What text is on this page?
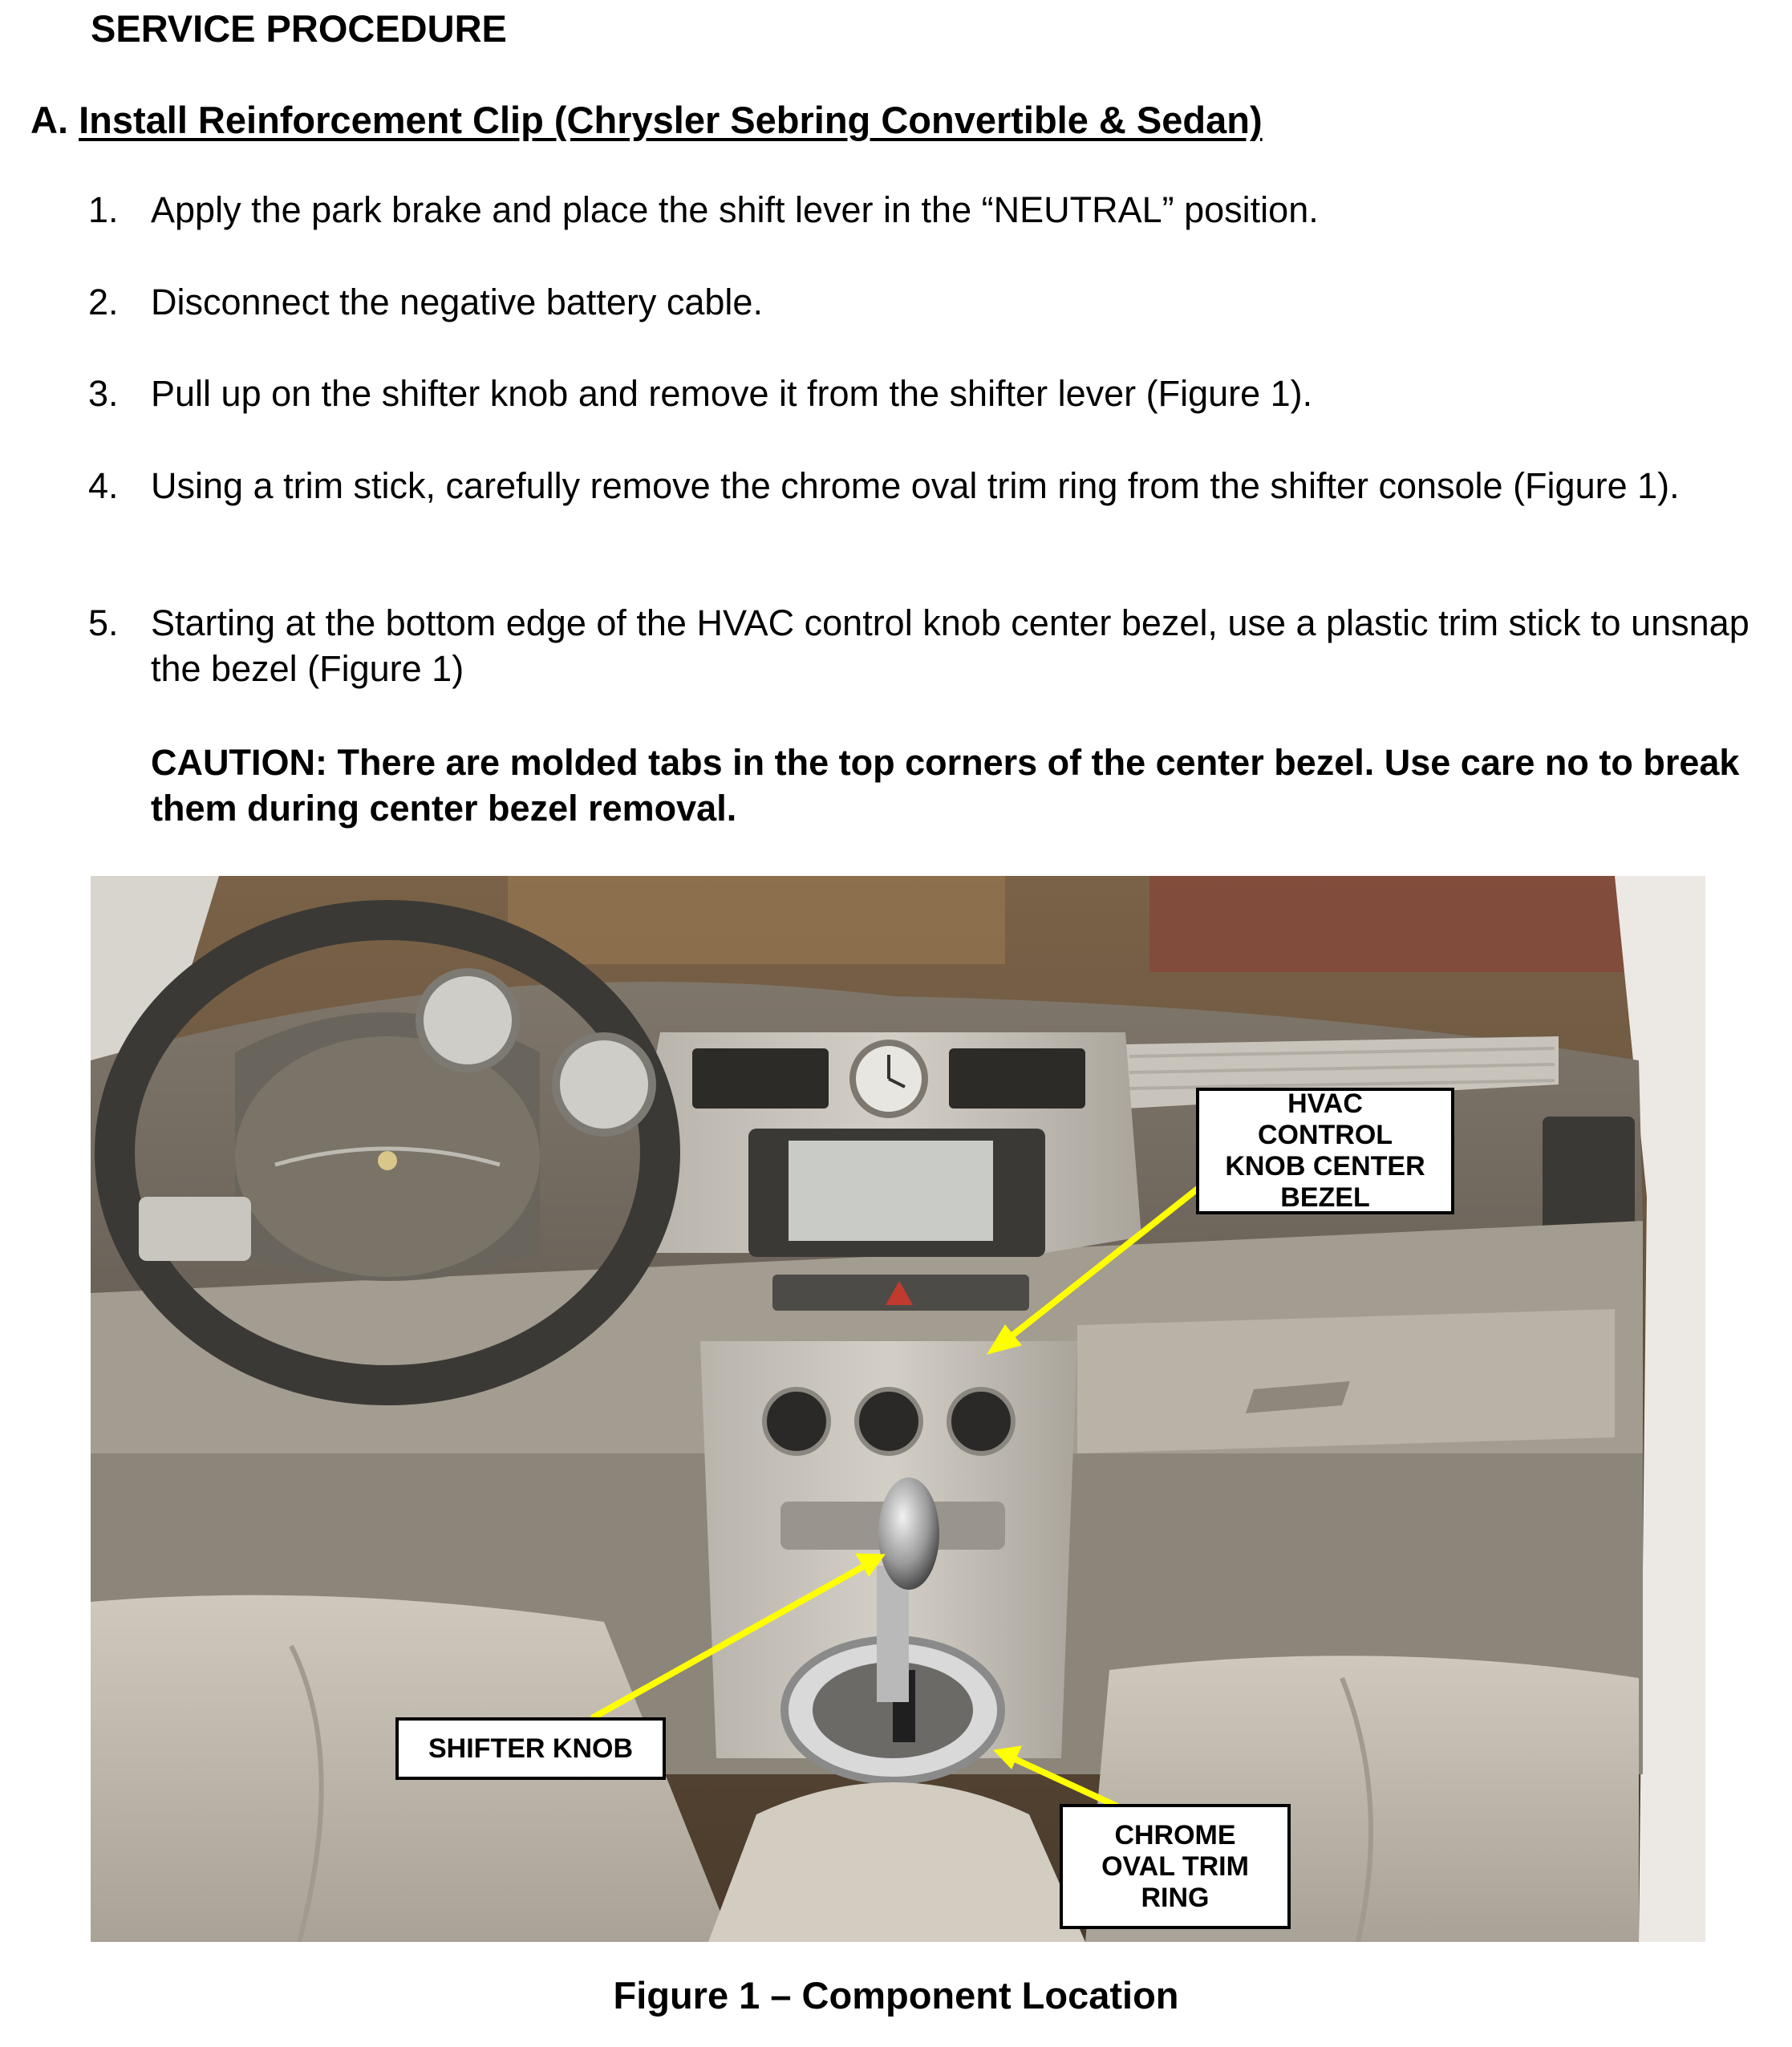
SERVICE PROCEDURE
A. Install Reinforcement Clip (Chrysler Sebring Convertible & Sedan)
1. Apply the park brake and place the shift lever in the “NEUTRAL” position.
2. Disconnect the negative battery cable.
3. Pull up on the shifter knob and remove it from the shifter lever (Figure 1).
4. Using a trim stick, carefully remove the chrome oval trim ring from the shifter console (Figure 1).
5. Starting at the bottom edge of the HVAC control knob center bezel, use a plastic trim stick to unsnap the bezel (Figure 1)
CAUTION: There are molded tabs in the top corners of the center bezel. Use care no to break them during center bezel removal.
HVAC
CONTROL
KNOB CENTER
BEZEL
SHIFTER KNOB
CHROME
OVAL TRIM
RING
Figure 1 – Component Location
